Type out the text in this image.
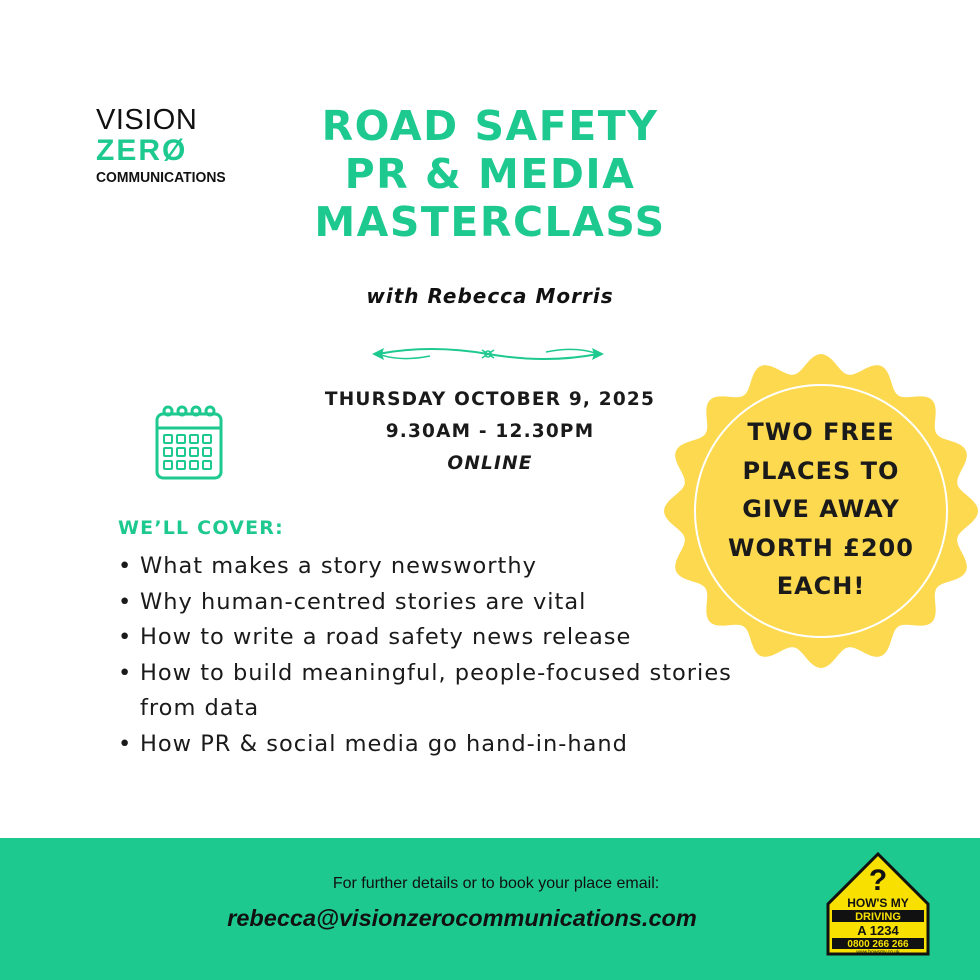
VISION
ZERØ
COMMUNICATIONS
ROAD SAFETY
PR & MEDIA
MASTERCLASS
with Rebecca Morris
THURSDAY OCTOBER 9, 2025
9.30AM - 12.30PM
ONLINE
WE’LL COVER:
• What makes a story newsworthy
• Why human-centred stories are vital
• How to write a road safety news release
• How to build meaningful, people-focused stories from data
• How PR & social media go hand-in-hand
TWO FREE
PLACES TO
GIVE AWAY
WORTH £200
EACH!
For further details or to book your place email:
rebecca@visionzerocommunications.com
?
HOW'S MY
DRIVING
A 1234
0800 266 266
www.howsmy.co.uk
